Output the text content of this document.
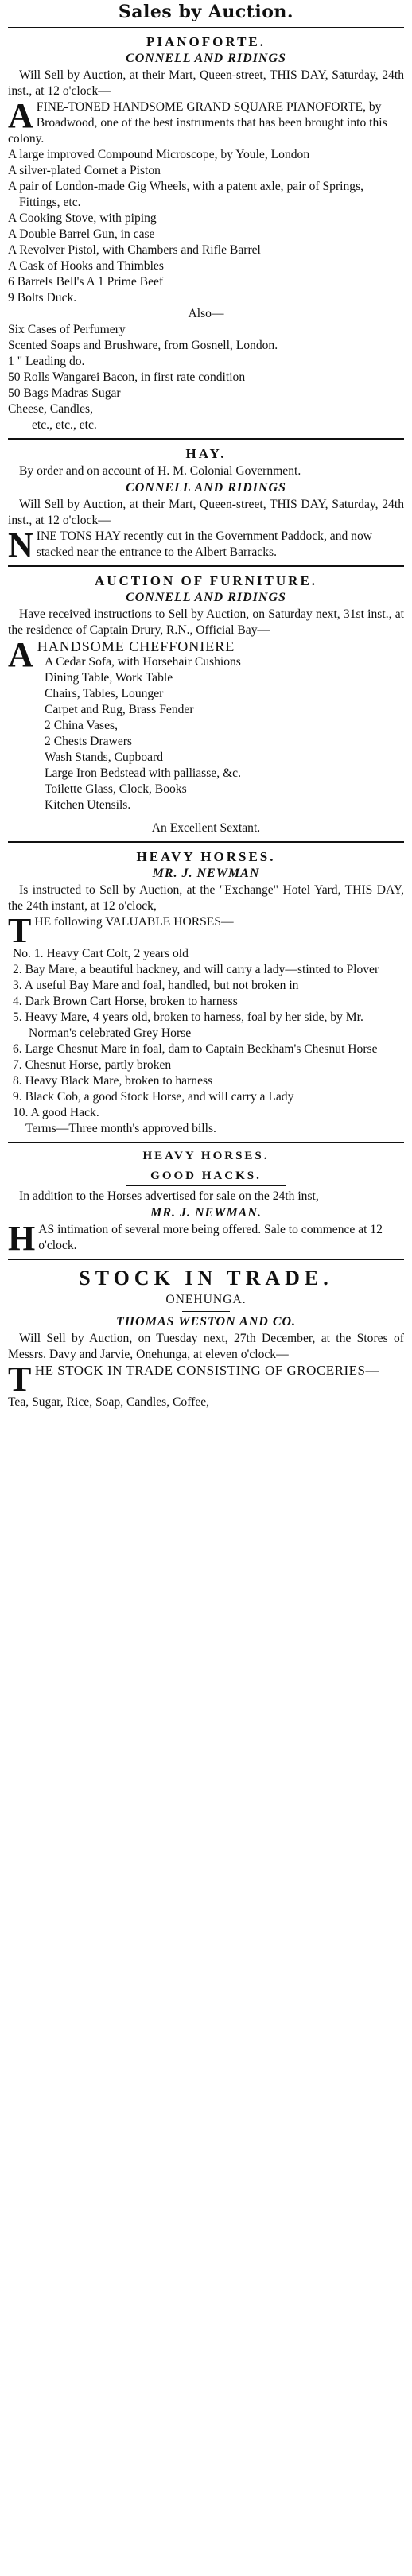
Sales by Auction.
PIANOFORTE.
CONNELL AND RIDINGS

Will Sell by Auction, at their Mart, Queen-street, THIS DAY, Saturday, 24th inst., at 12 o'clock—

AFINE-TONED HANDSOME GRAND SQUARE PIANOFORTE, by Broadwood, one of the best instruments that has been brought into this colony.
A large improved Compound Microscope, by Youle, London
A silver-plated Cornet a Piston
A pair of London-made Gig Wheels, with a patent axle, pair of Springs, Fittings, etc.
A Cooking Stove, with piping
A Double Barrel Gun, in case
A Revolver Pistol, with Chambers and Rifle Barrel
A Cask of Hooks and Thimbles
6 Barrels Bell's A 1 Prime Beef
9 Bolts Duck.
Also—
Six Cases of Perfumery
Scented Soaps and Brushware, from Gosnell, London.
1 " Leading do.
50 Rolls Wangarei Bacon, in first rate condition
50 Bags Madras Sugar
Cheese, Candles,
etc., etc., etc.
HAY.

By order and on account of H. M. Colonial Government.

CONNELL AND RIDINGS

Will Sell by Auction, at their Mart, Queen-street, THIS DAY, Saturday, 24th inst., at 12 o'clock—

NINE TONS HAY recently cut in the Government Paddock, and now stacked near the entrance to the Albert Barracks.
AUCTION OF FURNITURE.
CONNELL AND RIDINGS

Have received instructions to Sell by Auction, on Saturday next, 31st inst., at the residence of Captain Drury, R.N., Official Bay—

AHANDSOME CHEFFONIERE
A Cedar Sofa, with Horsehair Cushions
Dining Table, Work Table
Chairs, Tables, Lounger
Carpet and Rug, Brass Fender
2 China Vases,
2 Chests Drawers
Wash Stands, Cupboard
Large Iron Bedstead with palliasse, &c.
Toilette Glass, Clock, Books
Kitchen Utensils.
An Excellent Sextant.
HEAVY HORSES.
MR. J. NEWMAN

Is instructed to Sell by Auction, at the "Exchange" Hotel Yard, THIS DAY, the 24th instant, at 12 o'clock,

THE following VALUABLE HORSES—
No. 1. Heavy Cart Colt, 2 years old
2. Bay Mare, a beautiful hackney, and will carry a lady—stinted to Plover
3. A useful Bay Mare and foal, handled, but not broken in
4. Dark Brown Cart Horse, broken to harness
5. Heavy Mare, 4 years old, broken to harness, foal by her side, by Mr. Norman's celebrated Grey Horse
6. Large Chesnut Mare in foal, dam to Captain Beckham's Chesnut Horse
7. Chesnut Horse, partly broken
8. Heavy Black Mare, broken to harness
9. Black Cob, a good Stock Horse, and will carry a Lady
10. A good Hack.
Terms—Three month's approved bills.
HEAVY HORSES.
GOOD HACKS.

In addition to the Horses advertised for sale on the 24th inst,

MR. J. NEWMAN.
HAS intimation of several more being offered. Sale to commence at 12 o'clock.
STOCK IN TRADE.
ONEHUNGA.
THOMAS WESTON AND CO.

Will Sell by Auction, on Tuesday next, 27th December, at the Stores of Messrs. Davy and Jarvie, Onehunga, at eleven o'clock—

THE STOCK IN TRADE CONSISTING OF GROCERIES—
Tea, Sugar, Rice, Soap, Candles, Coffee,
